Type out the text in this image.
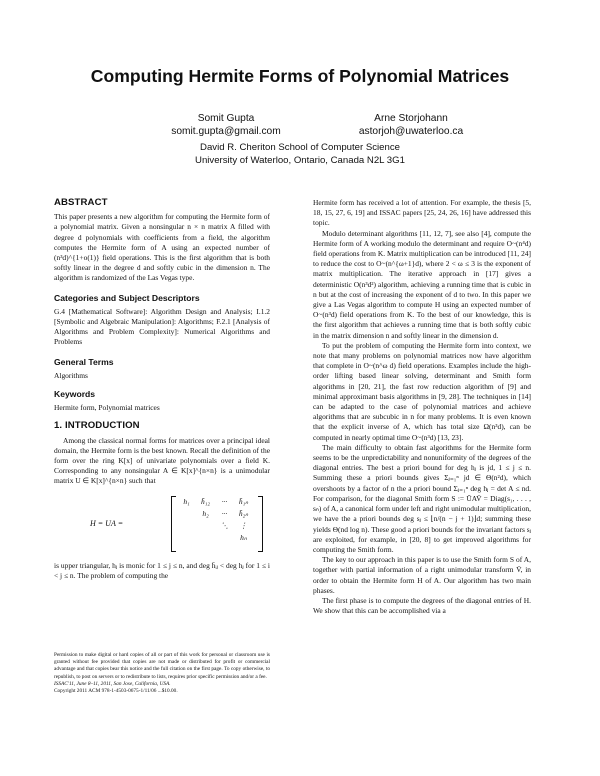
Computing Hermite Forms of Polynomial Matrices
Somit Gupta
somit.gupta@gmail.com
Arne Storjohann
astorjoh@uwaterloo.ca
David R. Cheriton School of Computer Science
University of Waterloo, Ontario, Canada N2L 3G1
ABSTRACT

This paper presents a new algorithm for computing the Hermite form of a polynomial matrix. Given a nonsingular n × n matrix A filled with degree d polynomials with coefficients from a field, the algorithm computes the Hermite form of A using an expected number of (n³d)^{1+o(1)} field operations. This is the first algorithm that is both softly linear in the degree d and softly cubic in the dimension n. The algorithm is randomized of the Las Vegas type.

Categories and Subject Descriptors

G.4 [Mathematical Software]: Algorithm Design and Analysis; I.1.2 [Symbolic and Algebraic Manipulation]: Algorithms; F.2.1 [Analysis of Algorithms and Problem Complexity]: Numerical Algorithms and Problems

General Terms

Algorithms

Keywords

Hermite form, Polynomial matrices

1. INTRODUCTION

Among the classical normal forms for matrices over a principal ideal domain, the Hermite form is the best known. Recall the definition of the form over the ring K[x] of univariate polynomials over a field K. Corresponding to any nonsingular A ∈ K[x]^{n×n} is a unimodular matrix U ∈ K[x]^{n×n} such that

H = UA =
h₁	h̄₁₂	···	h̄₁ₙ
	h₂	···	h̄₂ₙ
		⋱	⋮
			hₙ

is upper triangular, hⱼ is monic for 1 ≤ j ≤ n, and deg h̄ᵢⱼ < deg hⱼ for 1 ≤ i < j ≤ n. The problem of computing the

Permission to make digital or hard copies of all or part of this work for personal or classroom use is granted without fee provided that copies are not made or distributed for profit or commercial advantage and that copies bear this notice and the full citation on the first page. To copy otherwise, to republish, to post on servers or to redistribute to lists, requires prior specific permission and/or a fee.

ISSAC'11, June 8–11, 2011, San Jose, California, USA.

Copyright 2011 ACM 978-1-4503-0675-1/11/06 ...$10.00.

Hermite form has received a lot of attention. For example, the thesis [5, 18, 15, 27, 6, 19] and ISSAC papers [25, 24, 26, 16] have addressed this topic.

Modulo determinant algorithms [11, 12, 7], see also [4], compute the Hermite form of A working modulo the determinant and require O~(n⁴d) field operations from K. Matrix multiplication can be introduced [11, 24] to reduce the cost to O~(n^{ω+1}d), where 2 < ω ≤ 3 is the exponent of matrix multiplication. The iterative approach in [17] gives a deterministic O(n³d²) algorithm, achieving a running time that is cubic in n but at the cost of increasing the exponent of d to two. In this paper we give a Las Vegas algorithm to compute H using an expected number of O~(n³d) field operations from K. To the best of our knowledge, this is the first algorithm that achieves a running time that is both softly cubic in the matrix dimension n and softly linear in the dimension d.

To put the problem of computing the Hermite form into context, we note that many problems on polynomial matrices now have algorithm that complete in O~(n^ω d) field operations. Examples include the high-order lifting based linear solving, determinant and Smith form algorithms in [20, 21], the fast row reduction algorithm of [9] and minimal approximant basis algorithms in [9, 28]. The techniques in [14] can be adapted to the case of polynomial matrices and achieve algorithms that are subcubic in n for many problems. It is even known that the explicit inverse of A, which has total size Ω(n³d), can be computed in nearly optimal time O~(n³d) [13, 23].

The main difficulty to obtain fast algorithms for the Hermite form seems to be the unpredictability and nonuniformity of the degrees of the diagonal entries. The best a priori bound for deg hⱼ is jd, 1 ≤ j ≤ n. Summing these a priori bounds gives Σⱼ₌₁ⁿ jd ∈ Θ(n²d), which overshoots by a factor of n the a priori bound Σⱼ₌₁ⁿ deg hⱼ = det A ≤ nd. For comparison, for the diagonal Smith form S := ŪAV̄ = Diag(s₁, . . . , sₙ) of A, a canonical form under left and right unimodular multiplication, we have the a priori bounds deg sⱼ ≤ ⌊n/(n − j + 1)⌋d; summing these yields Θ(nd log n). These good a priori bounds for the invariant factors sⱼ are exploited, for example, in [20, 8] to get improved algorithms for computing the Smith form.

The key to our approach in this paper is to use the Smith form S of A, together with partial information of a right unimodular transform V̄, in order to obtain the Hermite form H of A. Our algorithm has two main phases.

The first phase is to compute the degrees of the diagonal entries of H. We show that this can be accomplished via a
